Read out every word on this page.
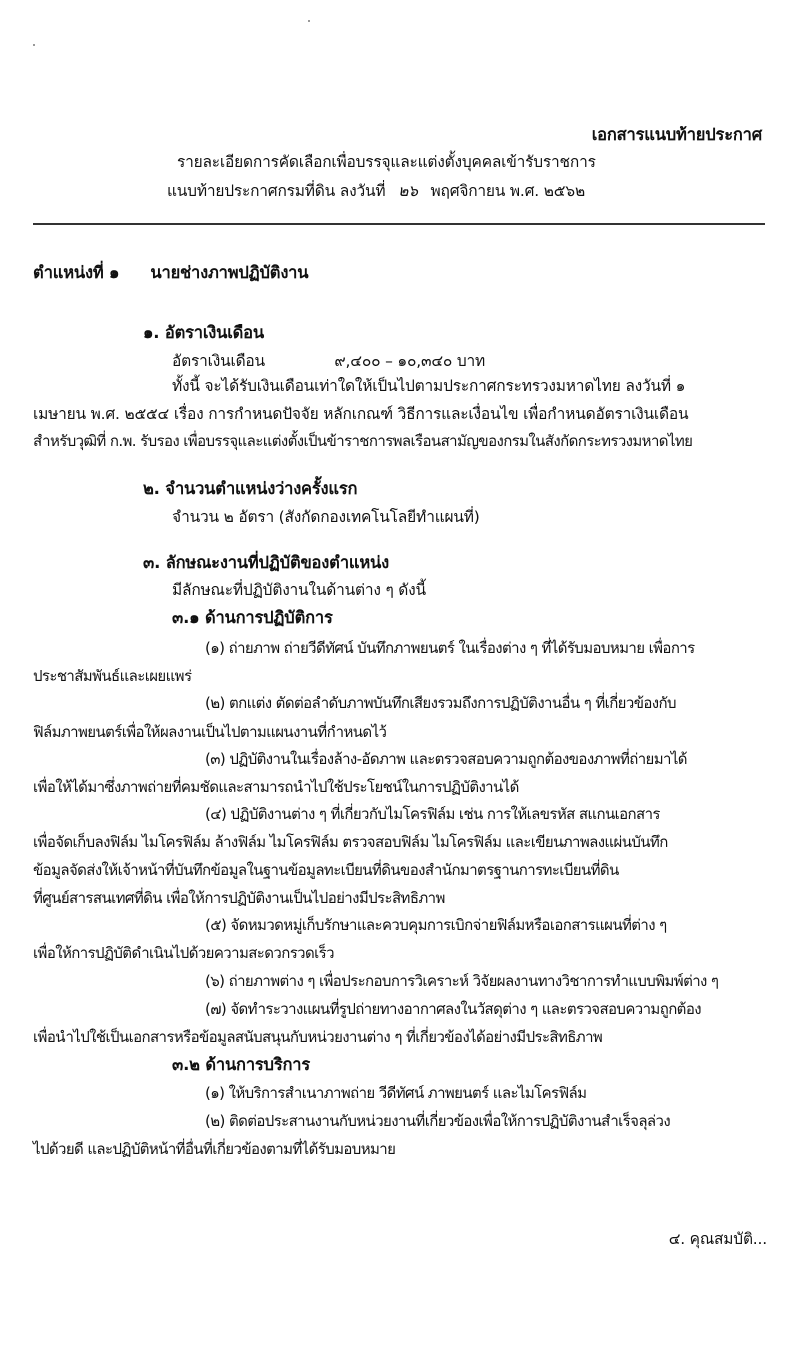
เอกสารแนบท้ายประกาศ
รายละเอียดการคัดเลือกเพื่อบรรจุและแต่งตั้งบุคคลเข้ารับราชการ
แนบท้ายประกาศกรมที่ดิน ลงวันที่ ๒๖ พฤศจิกายน พ.ศ. ๒๕๖๒
ตำแหน่งที่ ๑ นายช่างภาพปฏิบัติงาน
๑. อัตราเงินเดือน
อัตราเงินเดือน	๙,๔๐๐ – ๑๐,๓๔๐ บาท
ทั้งนี้ จะได้รับเงินเดือนเท่าใดให้เป็นไปตามประกาศกระทรวงมหาดไทย ลงวันที่ ๑
เมษายน พ.ศ. ๒๕๕๔ เรื่อง การกำหนดปัจจัย หลักเกณฑ์ วิธีการและเงื่อนไข เพื่อกำหนดอัตราเงินเดือน
สำหรับวุฒิที่ ก.พ. รับรอง เพื่อบรรจุและแต่งตั้งเป็นข้าราชการพลเรือนสามัญของกรมในสังกัดกระทรวงมหาดไทย
๒. จำนวนตำแหน่งว่างครั้งแรก
จำนวน ๒ อัตรา (สังกัดกองเทคโนโลยีทำแผนที่)
๓. ลักษณะงานที่ปฏิบัติของตำแหน่ง
มีลักษณะที่ปฏิบัติงานในด้านต่าง ๆ ดังนี้
๓.๑ ด้านการปฏิบัติการ
(๑) ถ่ายภาพ ถ่ายวีดีทัศน์ บันทึกภาพยนตร์ ในเรื่องต่าง ๆ ที่ได้รับมอบหมาย เพื่อการ
ประชาสัมพันธ์และเผยแพร่
(๒) ตกแต่ง ตัดต่อลำดับภาพบันทึกเสียงรวมถึงการปฏิบัติงานอื่น ๆ ที่เกี่ยวข้องกับ
ฟิล์มภาพยนตร์เพื่อให้ผลงานเป็นไปตามแผนงานที่กำหนดไว้
(๓) ปฏิบัติงานในเรื่องล้าง-อัดภาพ และตรวจสอบความถูกต้องของภาพที่ถ่ายมาได้
เพื่อให้ได้มาซึ่งภาพถ่ายที่คมชัดและสามารถนำไปใช้ประโยชน์ในการปฏิบัติงานได้
(๔) ปฏิบัติงานต่าง ๆ ที่เกี่ยวกับไมโครฟิล์ม เช่น การให้เลขรหัส สแกนเอกสาร
เพื่อจัดเก็บลงฟิล์ม ไมโครฟิล์ม ล้างฟิล์ม ไมโครฟิล์ม ตรวจสอบฟิล์ม ไมโครฟิล์ม และเขียนภาพลงแผ่นบันทึก
ข้อมูลจัดส่งให้เจ้าหน้าที่บันทึกข้อมูลในฐานข้อมูลทะเบียนที่ดินของสำนักมาตรฐานการทะเบียนที่ดิน
ที่ศูนย์สารสนเทศที่ดิน เพื่อให้การปฏิบัติงานเป็นไปอย่างมีประสิทธิภาพ
(๕) จัดหมวดหมู่เก็บรักษาและควบคุมการเบิกจ่ายฟิล์มหรือเอกสารแผนที่ต่าง ๆ
เพื่อให้การปฏิบัติดำเนินไปด้วยความสะดวกรวดเร็ว
(๖) ถ่ายภาพต่าง ๆ เพื่อประกอบการวิเคราะห์ วิจัยผลงานทางวิชาการทำแบบพิมพ์ต่าง ๆ
(๗) จัดทำระวางแผนที่รูปถ่ายทางอากาศลงในวัสดุต่าง ๆ และตรวจสอบความถูกต้อง
เพื่อนำไปใช้เป็นเอกสารหรือข้อมูลสนับสนุนกับหน่วยงานต่าง ๆ ที่เกี่ยวข้องได้อย่างมีประสิทธิภาพ
๓.๒ ด้านการบริการ
(๑) ให้บริการสำเนาภาพถ่าย วีดีทัศน์ ภาพยนตร์ และไมโครฟิล์ม
(๒) ติดต่อประสานงานกับหน่วยงานที่เกี่ยวข้องเพื่อให้การปฏิบัติงานสำเร็จลุล่วง
ไปด้วยดี และปฏิบัติหน้าที่อื่นที่เกี่ยวข้องตามที่ได้รับมอบหมาย
๔. คุณสมบัติ...
